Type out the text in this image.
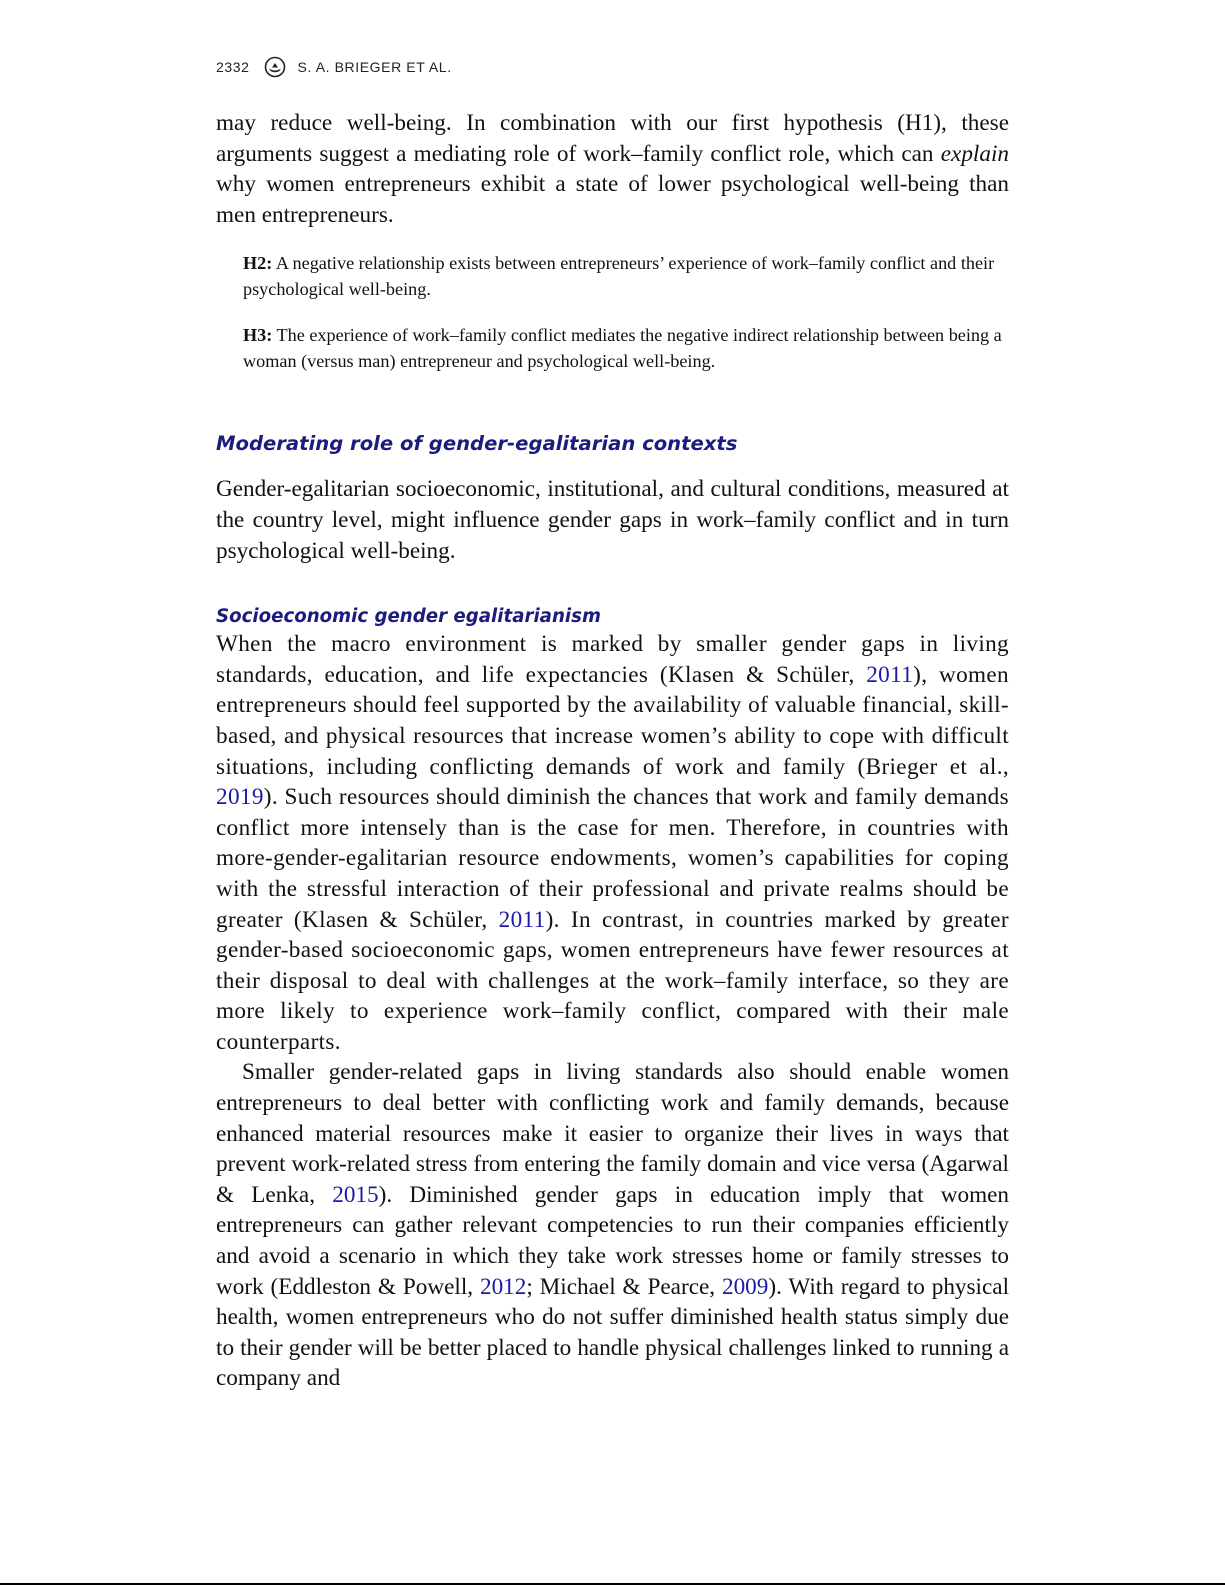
2332	S. A. BRIEGER ET AL.

may reduce well-being. In combination with our first hypothesis (H1), these arguments suggest a mediating role of work–family conflict role, which can explain why women entrepreneurs exhibit a state of lower psychological well-being than men entrepreneurs.

H2: A negative relationship exists between entrepreneurs’ experience of work–family conflict and their psychological well-being.

H3: The experience of work–family conflict mediates the negative indirect relationship between being a woman (versus man) entrepreneur and psychological well-being.

Moderating role of gender-egalitarian contexts

Gender-egalitarian socioeconomic, institutional, and cultural conditions, measured at the country level, might influence gender gaps in work–family conflict and in turn psychological well-being.

Socioeconomic gender egalitarianism

When the macro environment is marked by smaller gender gaps in living standards, education, and life expectancies (Klasen & Schüler, 2011), women entrepreneurs should feel supported by the availability of valuable financial, skill-based, and physical resources that increase women’s ability to cope with difficult situations, including conflicting demands of work and family (Brieger et al., 2019). Such resources should diminish the chances that work and family demands conflict more intensely than is the case for men. Therefore, in countries with more-gender-egalitarian resource endowments, women’s capabilities for coping with the stressful interaction of their professional and private realms should be greater (Klasen & Schüler, 2011). In contrast, in countries marked by greater gender-based socioeconomic gaps, women entrepreneurs have fewer resources at their disposal to deal with challenges at the work–family interface, so they are more likely to experience work–family conflict, compared with their male counterparts.

Smaller gender-related gaps in living standards also should enable women entrepreneurs to deal better with conflicting work and family demands, because enhanced material resources make it easier to organize their lives in ways that prevent work-related stress from entering the family domain and vice versa (Agarwal & Lenka, 2015). Diminished gender gaps in education imply that women entrepreneurs can gather relevant competencies to run their companies efficiently and avoid a scenario in which they take work stresses home or family stresses to work (Eddleston & Powell, 2012; Michael & Pearce, 2009). With regard to physical health, women entrepreneurs who do not suffer diminished health status simply due to their gender will be better placed to handle physical challenges linked to running a company and
